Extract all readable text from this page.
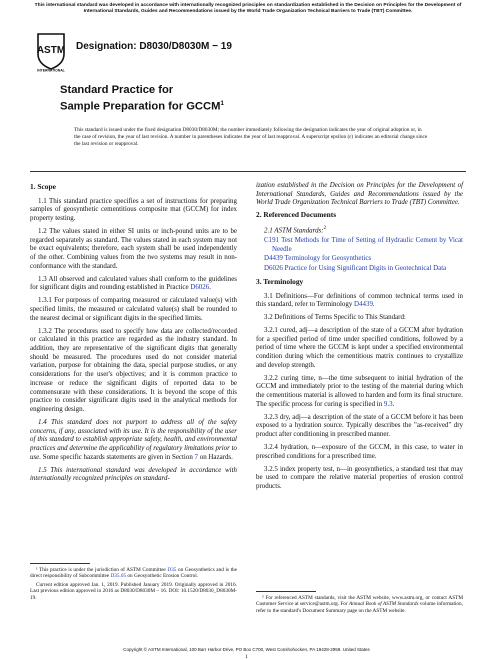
This international standard was developed in accordance with internationally recognized principles on standardization established in the Decision on Principles for the Development of International Standards, Guides and Recommendations issued by the World Trade Organization Technical Barriers to Trade (TBT) Committee.
ASTM
INTERNATIONAL
Designation: D8030/D8030M − 19
Standard Practice for
Sample Preparation for GCCM$^1$
This standard is issued under the fixed designation D8030/D8030M; the number immediately following the designation indicates the year of original adoption or, in the case of revision, the year of last revision. A number in parentheses indicates the year of last reapproval. A superscript epsilon (ε) indicates an editorial change since the last revision or reapproval.
1. Scope

1.1 This standard practice specifies a set of instructions for preparing samples of geosynthetic cementitious composite mat (GCCM) for index property testing.

1.2 The values stated in either SI units or inch-pound units are to be regarded separately as standard. The values stated in each system may not be exact equivalents; therefore, each system shall be used independently of the other. Combining values from the two systems may result in non-conformance with the standard.

1.3 All observed and calculated values shall conform to the guidelines for significant digits and rounding established in Practice D6026.

1.3.1 For purposes of comparing measured or calculated value(s) with specified limits, the measured or calculated value(s) shall be rounded to the nearest decimal or significant digits in the specified limits.

1.3.2 The procedures used to specify how data are collected/recorded or calculated in this practice are regarded as the industry standard. In addition, they are representative of the significant digits that generally should be measured. The procedures used do not consider material variation, purpose for obtaining the data, special purpose studies, or any considerations for the user's objectives; and it is common practice to increase or reduce the significant digits of reported data to be commensurate with these considerations. It is beyond the scope of this practice to consider significant digits used in the analytical methods for engineering design.

1.4 This standard does not purport to address all of the safety concerns, if any, associated with its use. It is the responsibility of the user of this standard to establish appropriate safety, health, and environmental practices and determine the applicability of regulatory limitations prior to use. Some specific hazards statements are given in Section 7 on Hazards.

1.5 This international standard was developed in accordance with internationally recognized principles on standard-

¹ This practice is under the jurisdiction of ASTM Committee D35 on Geosynthetics and is the direct responsibility of Subcommittee D35.05 on Geosynthetic Erosion Control.

Current edition approved Jan. 1, 2019. Published January 2019. Originally approved in 2016. Last previous edition approved in 2016 as D8030/D8030M – 16. DOI: 10.1520/D8030_D8030M-19.

ization established in the Decision on Principles for the Development of International Standards, Guides and Recommendations issued by the World Trade Organization Technical Barriers to Trade (TBT) Committee.

2. Referenced Documents
2.1 ASTM Standards:$^2$
C191 Test Methods for Time of Setting of Hydraulic Cement by Vicat Needle
D4439 Terminology for Geosynthetics
D6026 Practice for Using Significant Digits in Geotechnical Data
3. Terminology

3.1 Definitions—For definitions of common technical terms used in this standard, refer to Terminology D4439.

3.2 Definitions of Terms Specific to This Standard:

3.2.1 cured, adj—a description of the state of a GCCM after hydration for a specified period of time under specified conditions, followed by a period of time where the GCCM is kept under a specified environmental condition during which the cementitious matrix continues to crystallize and develop strength.

3.2.2 curing time, n—the time subsequent to initial hydration of the GCCM and immediately prior to the testing of the material during which the cementitious material is allowed to harden and form its final structure. The specific process for curing is specified in 9.3.

3.2.3 dry, adj—a description of the state of a GCCM before it has been exposed to a hydration source. Typically describes the "as-received" dry product after conditioning in prescribed manner.

3.2.4 hydration, n—exposure of the GCCM, in this case, to water in prescribed conditions for a prescribed time.

3.2.5 index property test, n—in geosynthetics, a standard test that may be used to compare the relative material properties of erosion control products.

² For referenced ASTM standards, visit the ASTM website, www.astm.org, or contact ASTM Customer Service at service@astm.org. For Annual Book of ASTM Standards volume information, refer to the standard's Document Summary page on the ASTM website.

Copyright © ASTM International, 100 Barr Harbor Drive, PO Box C700, West Conshohocken, PA 19428-2959. United States
1
